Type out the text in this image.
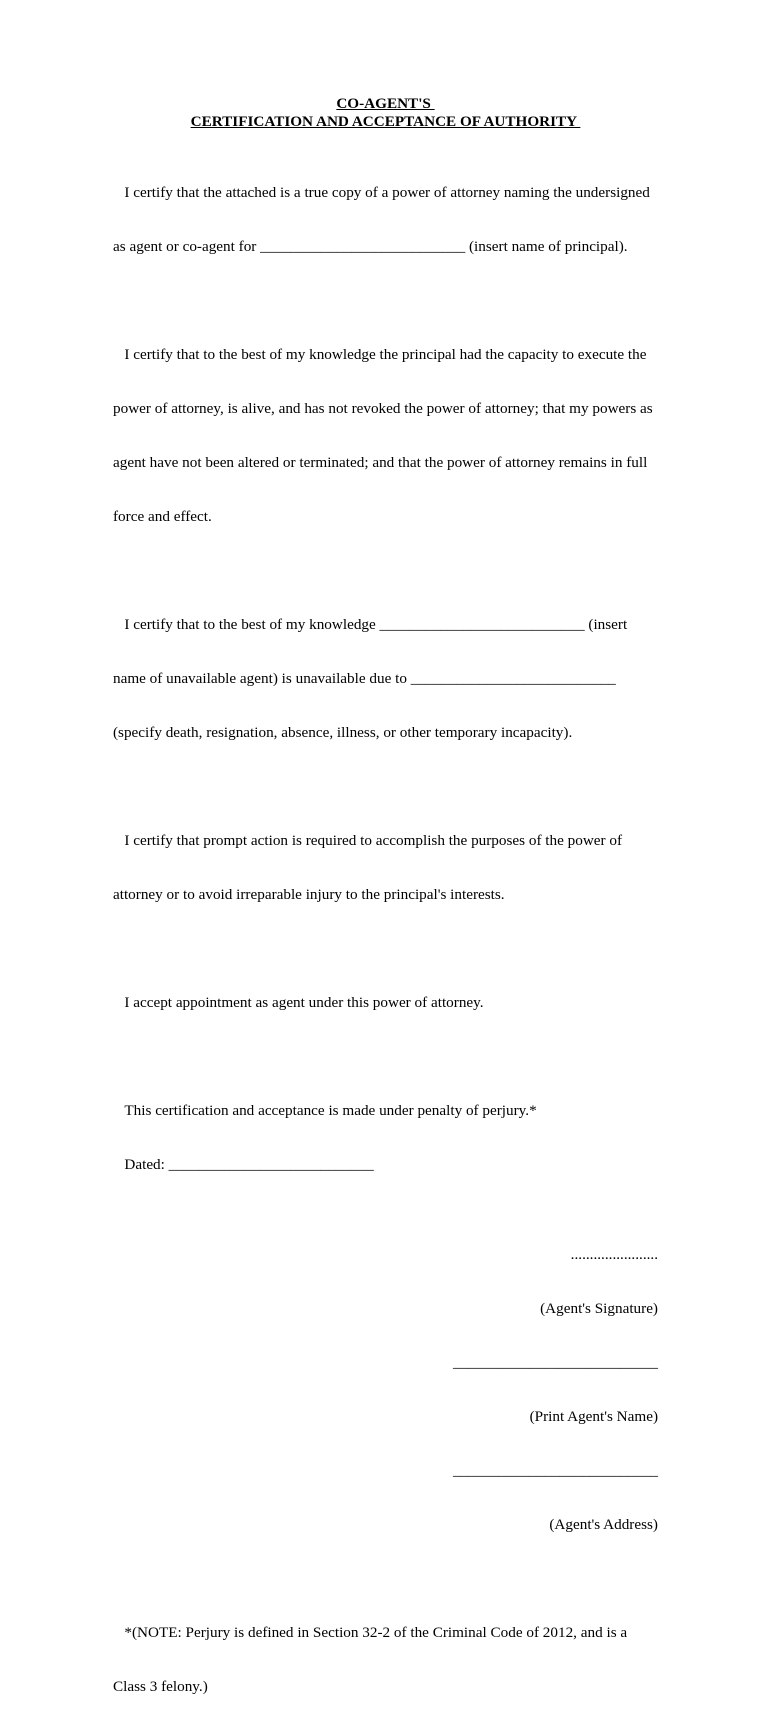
CO-AGENT'S
CERTIFICATION AND ACCEPTANCE OF AUTHORITY

I certify that the attached is a true copy of a power of attorney naming the undersigned

as agent or co-agent for ___________________________ (insert name of principal).

I certify that to the best of my knowledge the principal had the capacity to execute the

power of attorney, is alive, and has not revoked the power of attorney; that my powers as

agent have not been altered or terminated; and that the power of attorney remains in full

force and effect.

I certify that to the best of my knowledge ___________________________ (insert

name of unavailable agent) is unavailable due to ___________________________

(specify death, resignation, absence, illness, or other temporary incapacity).

I certify that prompt action is required to accomplish the purposes of the power of

attorney or to avoid irreparable injury to the principal's interests.

I accept appointment as agent under this power of attorney.

This certification and acceptance is made under penalty of perjury.*

Dated: ___________________________

.......................

(Agent's Signature)

___________________________

(Print Agent's Name)

___________________________

(Agent's Address)

*(NOTE: Perjury is defined in Section 32-2 of the Criminal Code of 2012, and is a

Class 3 felony.)
